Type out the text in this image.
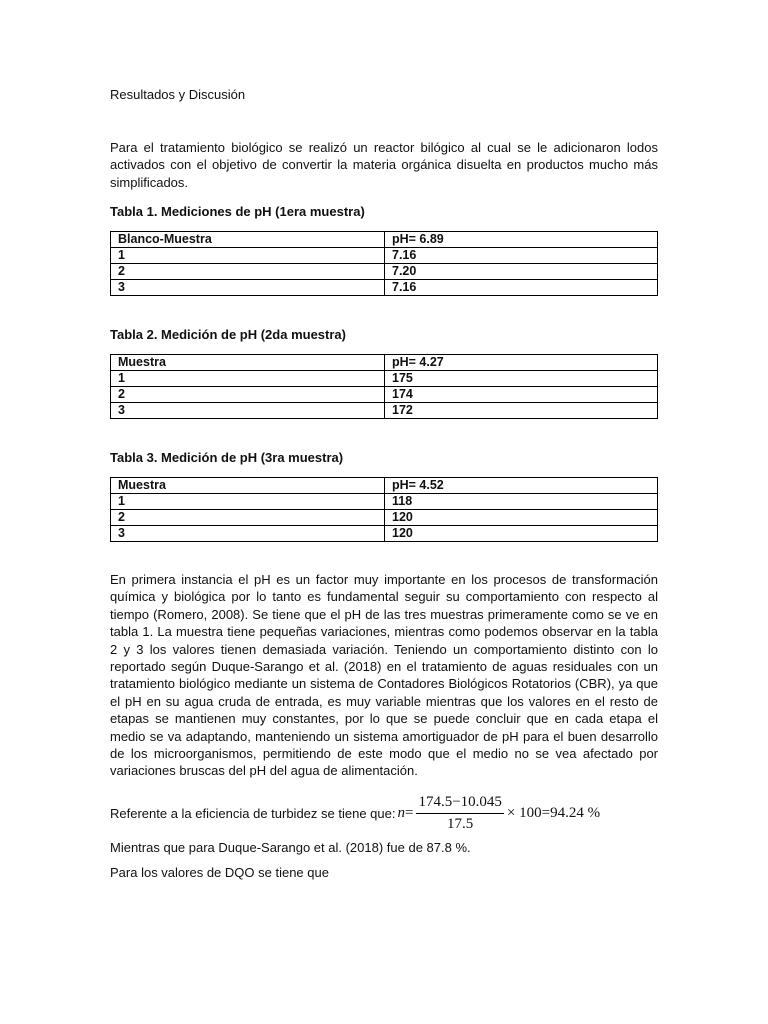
Resultados y Discusión
Para el tratamiento biológico se realizó un reactor bilógico al cual se le adicionaron lodos activados con el objetivo de convertir la materia orgánica disuelta en productos mucho más simplificados.
Tabla 1. Mediciones de pH (1era muestra)
Blanco-Muestra	pH= 6.89
1	7.16
2	7.20
3	7.16
Tabla 2. Medición de pH (2da muestra)
Muestra	pH= 4.27
1	175
2	174
3	172
Tabla 3. Medición de pH (3ra muestra)
Muestra	pH= 4.52
1	118
2	120
3	120
En primera instancia el pH es un factor muy importante en los procesos de transformación química y biológica por lo tanto es fundamental seguir su comportamiento con respecto al tiempo (Romero, 2008). Se tiene que el pH de las tres muestras primeramente como se ve en tabla 1. La muestra tiene pequeñas variaciones, mientras como podemos observar en la tabla 2 y 3 los valores tienen demasiada variación. Teniendo un comportamiento distinto con lo reportado según Duque-Sarango et al. (2018) en el tratamiento de aguas residuales con un tratamiento biológico mediante un sistema de Contadores Biológicos Rotatorios (CBR), ya que el pH en su agua cruda de entrada, es muy variable mientras que los valores en el resto de etapas se mantienen muy constantes, por lo que se puede concluir que en cada etapa el medio se va adaptando, manteniendo un sistema amortiguador de pH para el buen desarrollo de los microorganismos, permitiendo de este modo que el medio no se vea afectado por variaciones bruscas del pH del agua de alimentación.
Referente a la eficiencia de turbidez se tiene que: $n = \frac{174.5-10.045}{17.5} \times 100=94.24$ %
Mientras que para Duque-Sarango et al. (2018) fue de 87.8 %.
Para los valores de DQO se tiene que
